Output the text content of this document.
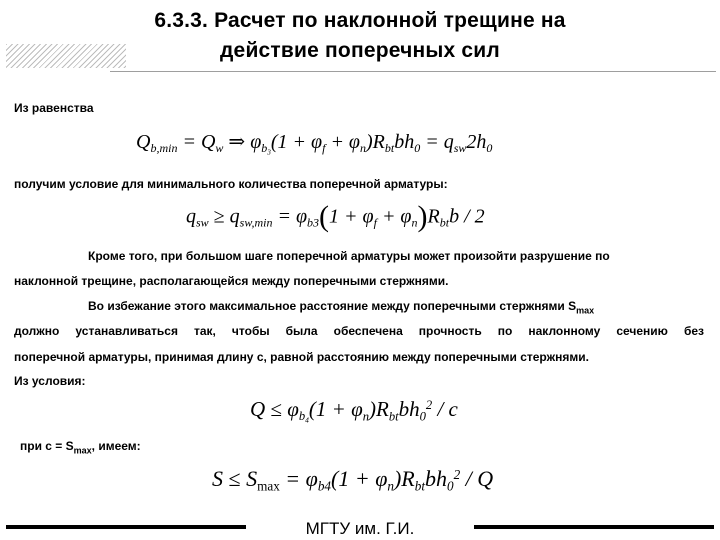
6.3.3. Расчет по наклонной трещине на
действие поперечных сил
Из равенства
$Q_{b,min} = Q_w$ ⇒ $\varphi_{b_3}(1 + \varphi_f + \varphi_n)R_{bt}bh_0 = q_{sw}2h_0$
получим условие для минимального количества поперечной арматуры:
$q_{sw} \ge q_{sw,min} = \varphi_{b3}(1 + \varphi_f + \varphi_n)R_{bt}b / 2$
Кроме того, при большом шаге поперечной арматуры может произойти разрушение по
наклонной трещине, располагающейся между поперечными стержнями.
Во избежание этого максимальное расстояние между поперечными стержнями $S_{max}$
должно устанавливаться так, чтобы была обеспечена прочность по наклонному сечению без
поперечной арматуры, принимая длину с, равной расстоянию между поперечными стержнями.
Из условия:
$Q \le \varphi_{b_4}(1 + \varphi_n)R_{bt}bh_0^2 / c$
при $с = S_{max}$, имеем:
$S \le S_{max} = \varphi_{b4}(1 + \varphi_n)R_{bt}bh_0^2 / Q$
МГТУ им. Г.И.
